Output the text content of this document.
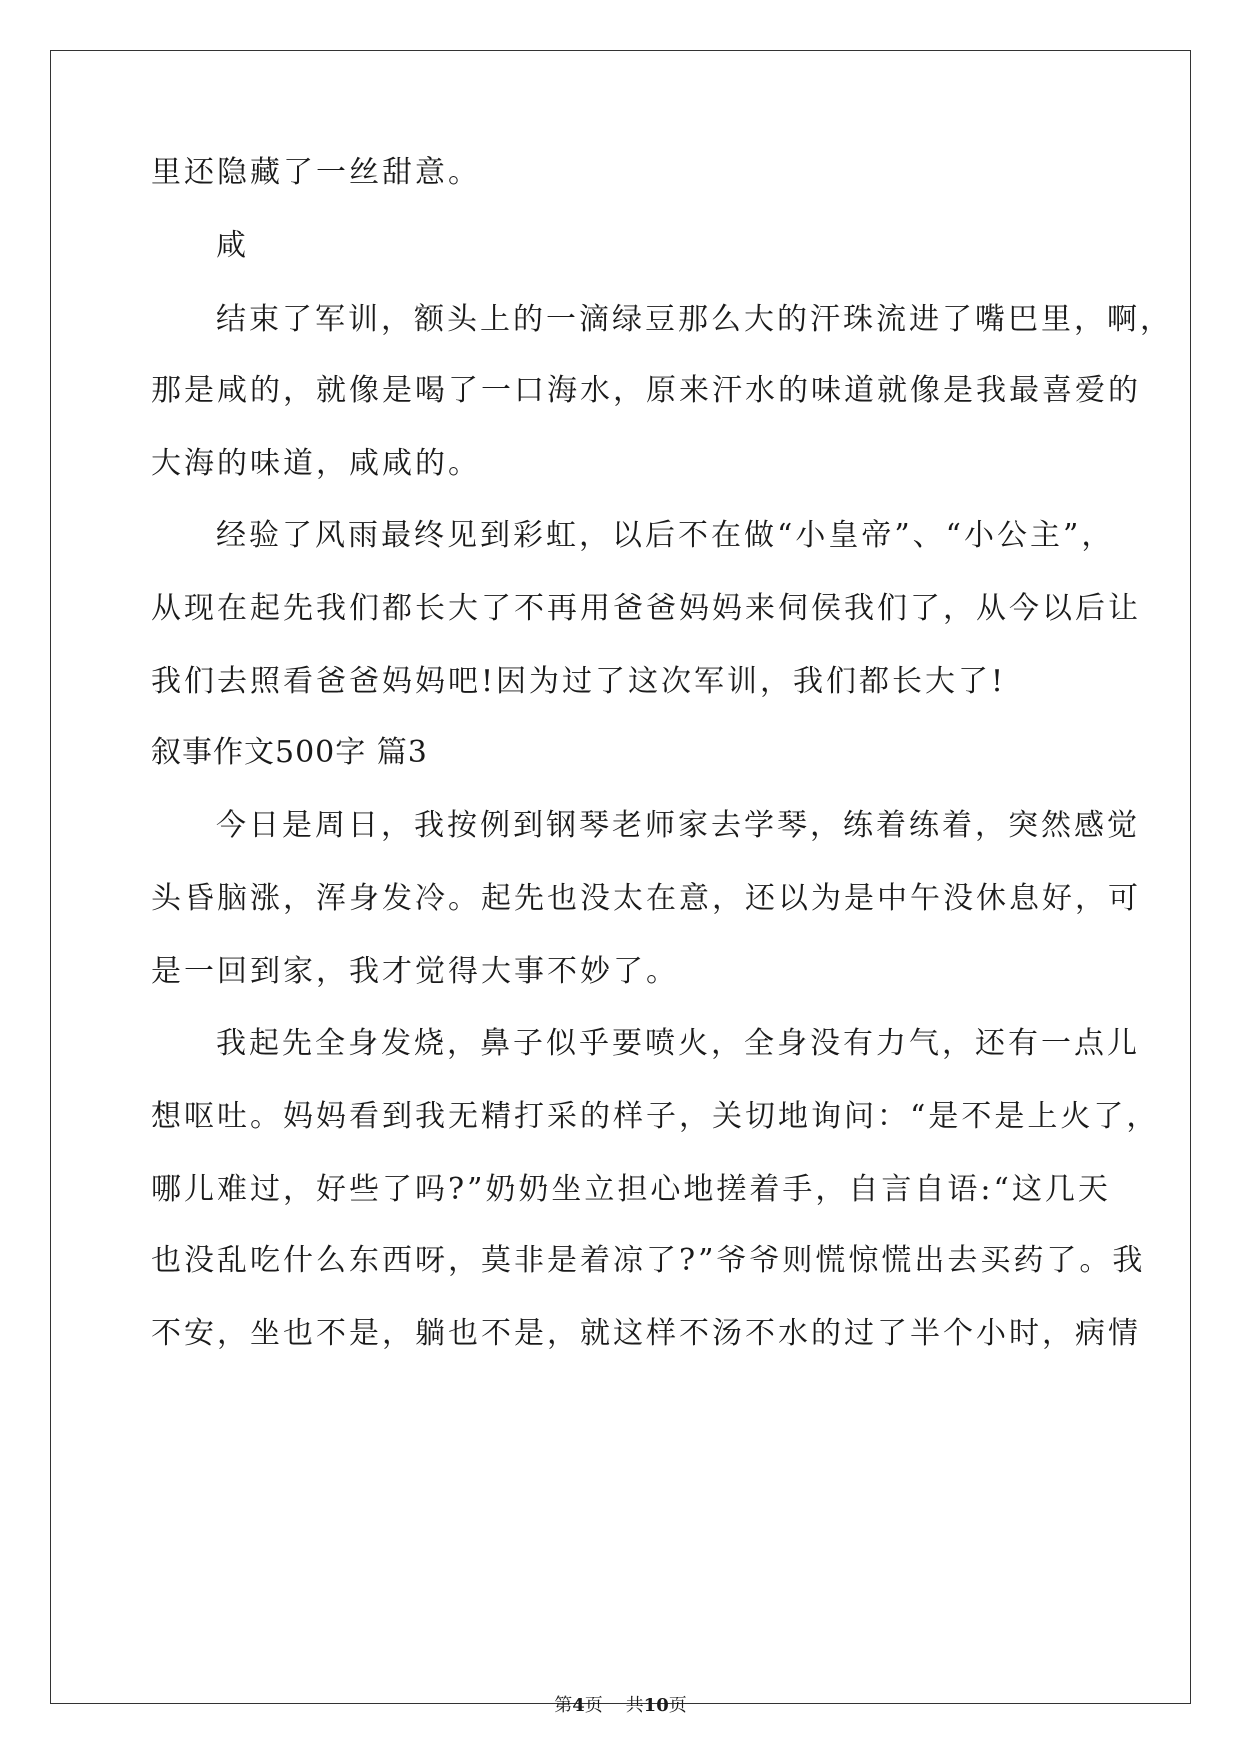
里还隐藏了一丝甜意。
咸
结束了军训，额头上的一滴绿豆那么大的汗珠流进了嘴巴里，啊，
那是咸的，就像是喝了一口海水，原来汗水的味道就像是我最喜爱的
大海的味道，咸咸的。
经验了风雨最终见到彩虹，以后不在做“小皇帝”、“小公主”，
从现在起先我们都长大了不再用爸爸妈妈来伺侯我们了，从今以后让
我们去照看爸爸妈妈吧!因为过了这次军训，我们都长大了!
叙事作文500字 篇3
今日是周日，我按例到钢琴老师家去学琴，练着练着，突然感觉
头昏脑涨，浑身发冷。起先也没太在意，还以为是中午没休息好，可
是一回到家，我才觉得大事不妙了。
我起先全身发烧，鼻子似乎要喷火，全身没有力气，还有一点儿
想呕吐。妈妈看到我无精打采的样子，关切地询问：“是不是上火了，
哪儿难过，好些了吗?”奶奶坐立担心地搓着手，自言自语:“这几天
也没乱吃什么东西呀，莫非是着凉了?”爷爷则慌惊慌出去买药了。我
不安，坐也不是，躺也不是，就这样不汤不水的过了半个小时，病情
第4页 共10页
